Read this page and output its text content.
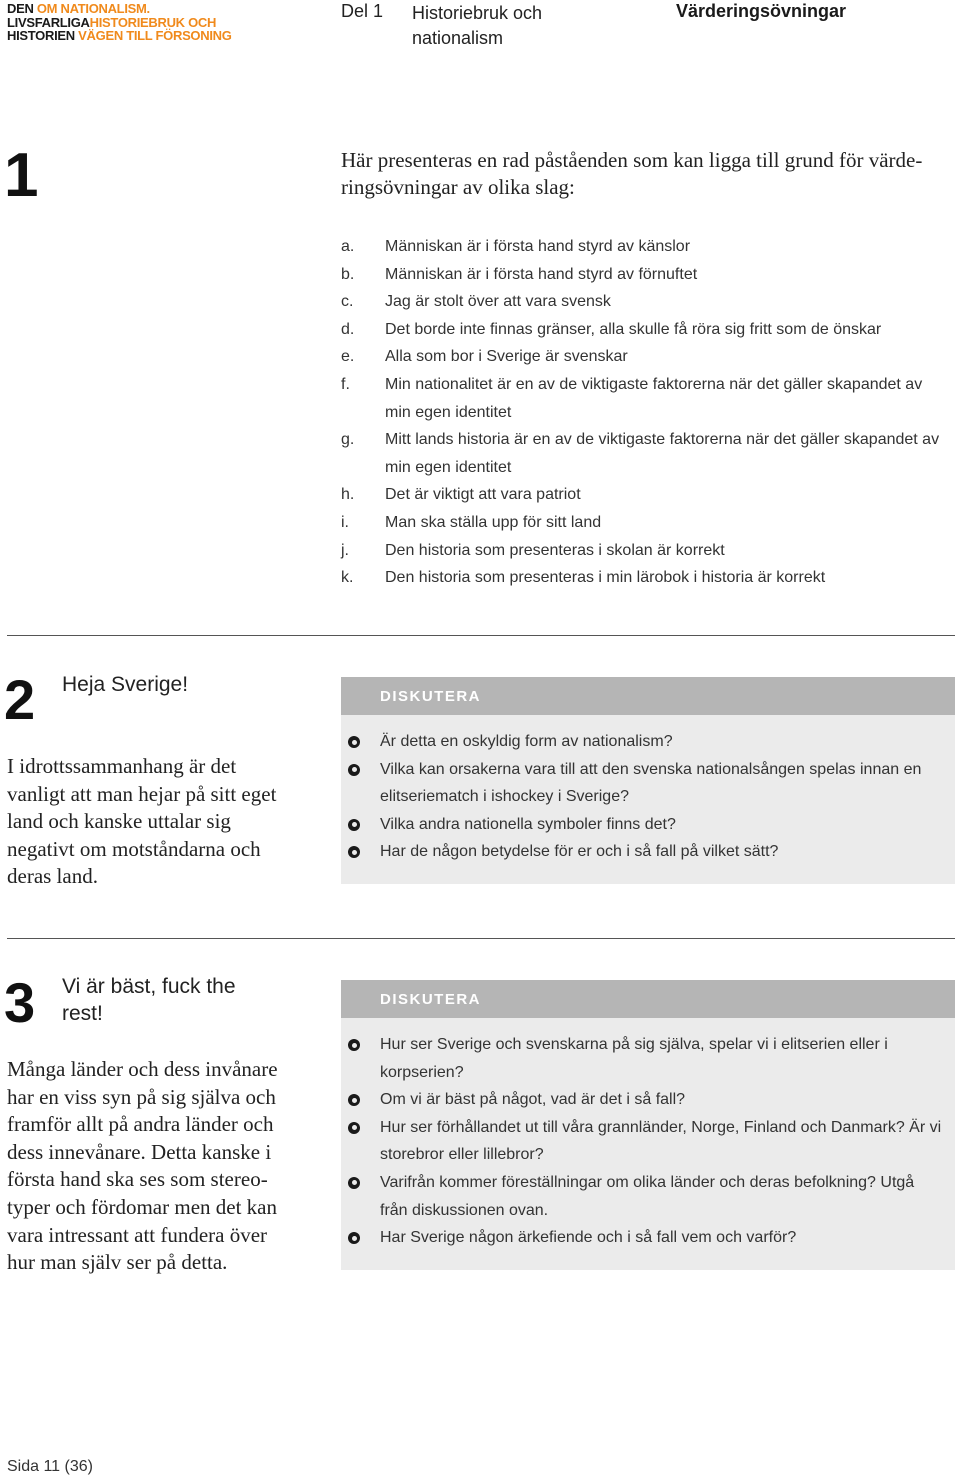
DEN OM NATIONALISM.
LIVSFARLIGAHISTORIEBRUK OCH
HISTORIEN VÄGEN TILL FÖRSONING
Del 1 Historiebruk och nationalism
Värderingsövningar
1	Här presenteras en rad påståenden som kan ligga till grund för värderingsövningar av olika slag:
a. Människan är i första hand styrd av känslor
b. Människan är i första hand styrd av förnuftet
c. Jag är stolt över att vara svensk
d. Det borde inte finnas gränser, alla skulle få röra sig fritt som de önskar
e. Alla som bor i Sverige är svenskar
f. Min nationalitet är en av de viktigaste faktorerna när det gäller skapandet av min egen identitet
g. Mitt lands historia är en av de viktigaste faktorerna när det gäller skapandet av min egen identitet
h. Det är viktigt att vara patriot
i. Man ska ställa upp för sitt land
j. Den historia som presenteras i skolan är korrekt
k. Den historia som presenteras i min lärobok i historia är korrekt
2 Heja Sverige!
I idrottssammanhang är det vanligt att man hejar på sitt eget land och kanske uttalar sig negativt om motståndarna och deras land.
DISKUTERA
Är detta en oskyldig form av nationalism?
Vilka kan orsakerna vara till att den svenska nationalsången spelas innan en elitseriematch i ishockey i Sverige?
Vilka andra nationella symboler finns det?
Har de någon betydelse för er och i så fall på vilket sätt?
3 Vi är bäst, fuck the rest!
Många länder och dess invånare har en viss syn på sig själva och framför allt på andra länder och dess innevånare. Detta kanske i första hand ska ses som stereotyper och fördomar men det kan vara intressant att fundera över hur man själv ser på detta.
DISKUTERA
Hur ser Sverige och svenskarna på sig själva, spelar vi i elitserien eller i korpserien?
Om vi är bäst på något, vad är det i så fall?
Hur ser förhållandet ut till våra grannländer, Norge, Finland och Danmark? Är vi storebror eller lillebror?
Varifrån kommer föreställningar om olika länder och deras befolkning? Utgå från diskussionen ovan.
Har Sverige någon ärkefiende och i så fall vem och varför?
Sida 11 (36)
